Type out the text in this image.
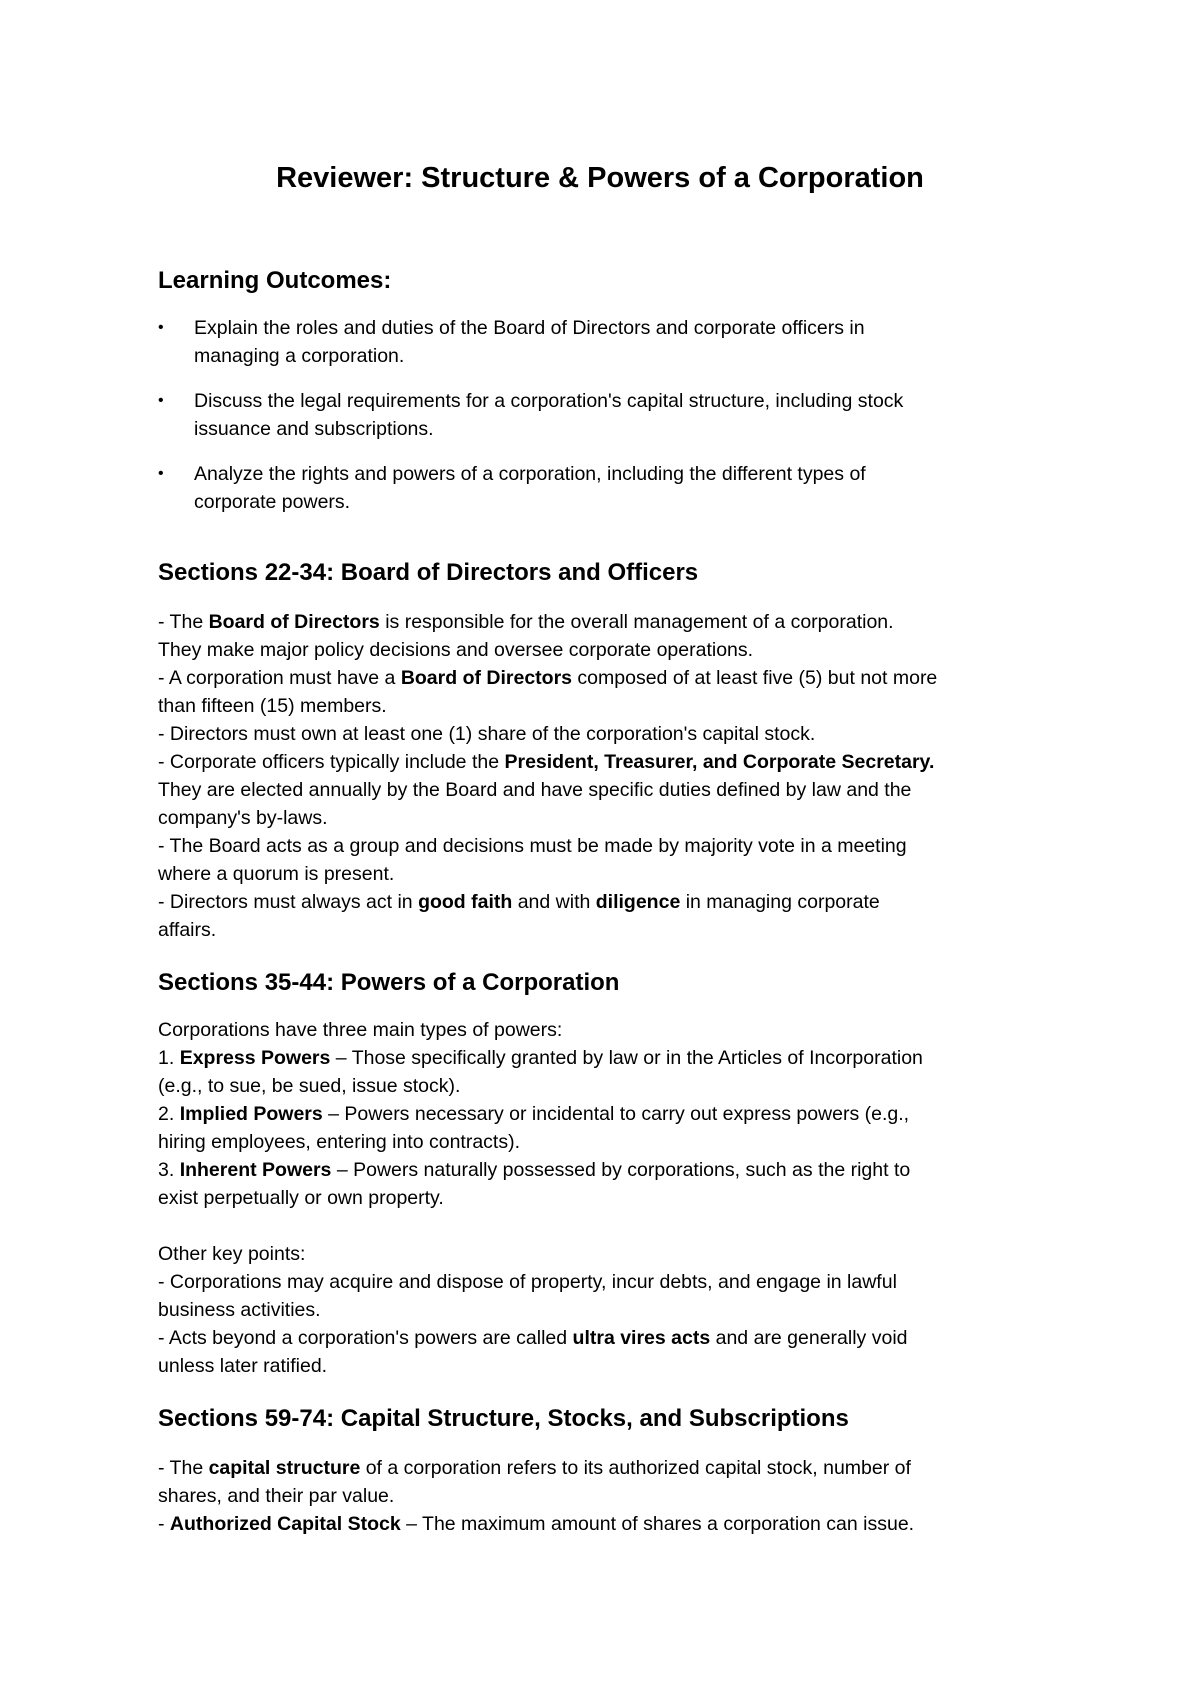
Reviewer: Structure & Powers of a Corporation
Learning Outcomes:
•	Explain the roles and duties of the Board of Directors and corporate officers in
managing a corporation.
•	Discuss the legal requirements for a corporation's capital structure, including stock
issuance and subscriptions.
•	Analyze the rights and powers of a corporation, including the different types of
corporate powers.
Sections 22-34: Board of Directors and Officers
- The Board of Directors is responsible for the overall management of a corporation.
They make major policy decisions and oversee corporate operations.
- A corporation must have a Board of Directors composed of at least five (5) but not more
than fifteen (15) members.
- Directors must own at least one (1) share of the corporation's capital stock.
- Corporate officers typically include the President, Treasurer, and Corporate Secretary.
They are elected annually by the Board and have specific duties defined by law and the
company's by-laws.
- The Board acts as a group and decisions must be made by majority vote in a meeting
where a quorum is present.
- Directors must always act in good faith and with diligence in managing corporate
affairs.
Sections 35-44: Powers of a Corporation
Corporations have three main types of powers:
1. Express Powers – Those specifically granted by law or in the Articles of Incorporation
(e.g., to sue, be sued, issue stock).
2. Implied Powers – Powers necessary or incidental to carry out express powers (e.g.,
hiring employees, entering into contracts).
3. Inherent Powers – Powers naturally possessed by corporations, such as the right to
exist perpetually or own property.
Other key points:
- Corporations may acquire and dispose of property, incur debts, and engage in lawful
business activities.
- Acts beyond a corporation's powers are called ultra vires acts and are generally void
unless later ratified.
Sections 59-74: Capital Structure, Stocks, and Subscriptions
- The capital structure of a corporation refers to its authorized capital stock, number of
shares, and their par value.
- Authorized Capital Stock – The maximum amount of shares a corporation can issue.
